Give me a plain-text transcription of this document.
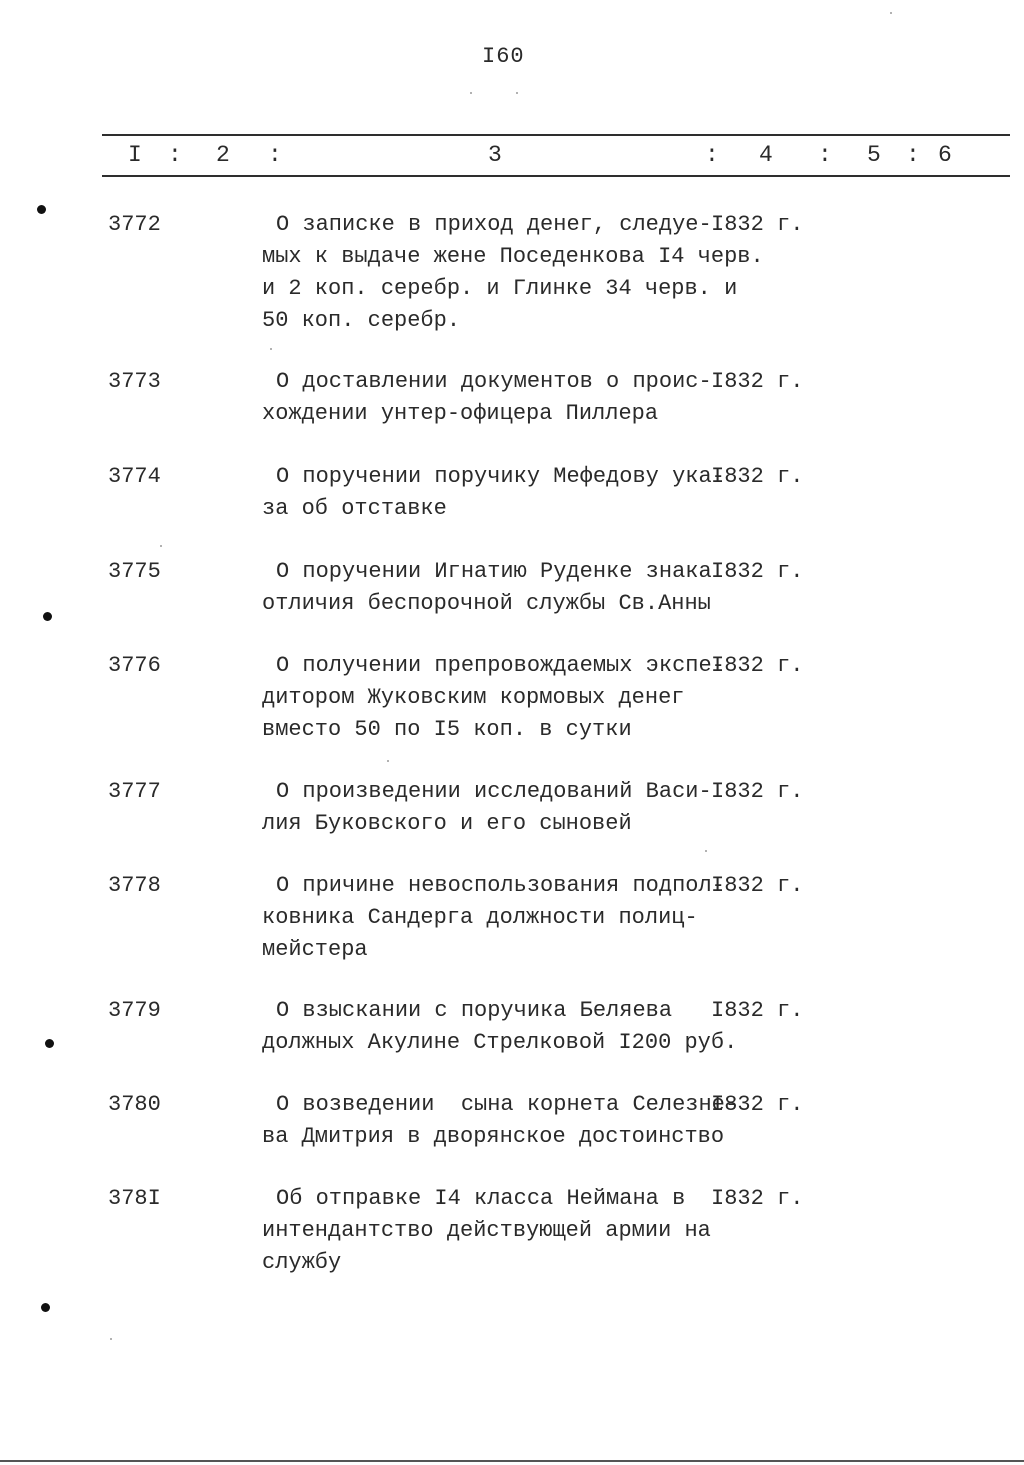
I60
I : 2 :	3	: 4 : 5 : 6
3772	О записке в приход денег, следуе-
мых к выдаче жене Поседенкова I4 черв.
и 2 коп. серебр. и Глинке 34 черв. и
50 коп. серебр.
I832 г.
3773	О доставлении документов о проис-
хождении унтер-офицера Пиллера
I832 г.
3774	О поручении поручику Мефедову ука-
за об отставке
I832 г.
3775	О поручении Игнатию Руденке знака
отличия беспорочной службы Св.Анны
I832 г.
3776	О получении препровождаемых экспе-
дитором Жуковским кормовых денег
вместо 50 по I5 коп. в сутки
I832 г.
3777	О произведении исследований Васи-
лия Буковского и его сыновей
I832 г.
3778	О причине невоспользования подпол-
ковника Сандерга должности полиц-
мейстера
I832 г.
3779	О взыскании с поручика Беляева
должных Акулине Стрелковой I200 руб.
I832 г.
3780	О возведении  сына корнета Селезне-
ва Дмитрия в дворянское достоинство
I832 г.
378I	Об отправке I4 класса Неймана в
интендантство действующей армии на
службу
I832 г.
